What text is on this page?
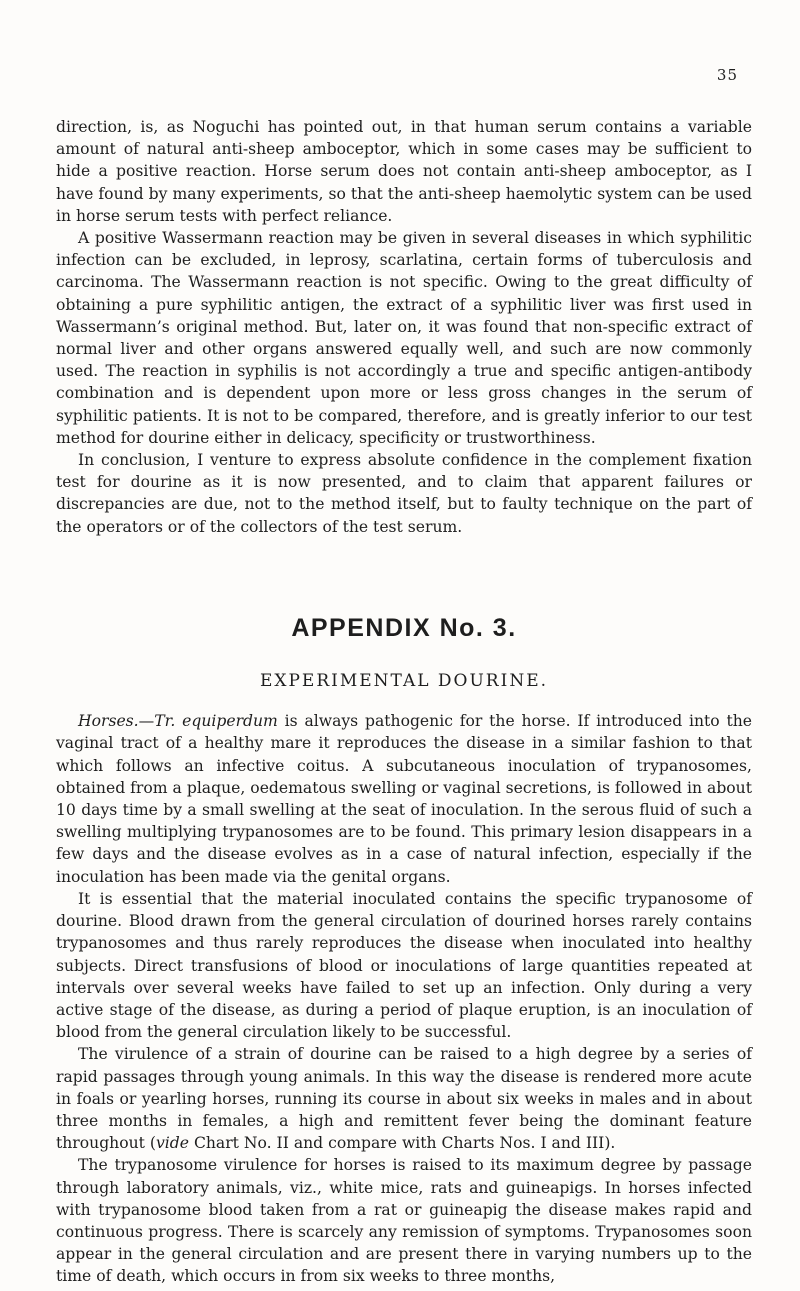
35

direction, is, as Noguchi has pointed out, in that human serum contains a variable amount of natural anti-sheep amboceptor, which in some cases may be sufficient to hide a positive reaction. Horse serum does not contain anti-sheep amboceptor, as I have found by many experiments, so that the anti-sheep haemolytic system can be used in horse serum tests with perfect reliance.

A positive Wassermann reaction may be given in several diseases in which syphilitic infection can be excluded, in leprosy, scarlatina, certain forms of tuberculosis and carcinoma. The Wassermann reaction is not specific. Owing to the great difficulty of obtaining a pure syphilitic antigen, the extract of a syphilitic liver was first used in Wassermann’s original method. But, later on, it was found that non-specific extract of normal liver and other organs answered equally well, and such are now commonly used. The reaction in syphilis is not accordingly a true and specific antigen-antibody combination and is dependent upon more or less gross changes in the serum of syphilitic patients. It is not to be compared, therefore, and is greatly inferior to our test method for dourine either in delicacy, specificity or trustworthiness.

In conclusion, I venture to express absolute confidence in the complement fixation test for dourine as it is now presented, and to claim that apparent failures or discrepancies are due, not to the method itself, but to faulty technique on the part of the operators or of the collectors of the test serum.

APPENDIX No. 3.
EXPERIMENTAL DOURINE.

Horses.—Tr. equiperdum is always pathogenic for the horse. If introduced into the vaginal tract of a healthy mare it reproduces the disease in a similar fashion to that which follows an infective coitus. A subcutaneous inoculation of trypanosomes, obtained from a plaque, oedematous swelling or vaginal secretions, is followed in about 10 days time by a small swelling at the seat of inoculation. In the serous fluid of such a swelling multiplying trypanosomes are to be found. This primary lesion disappears in a few days and the disease evolves as in a case of natural infection, especially if the inoculation has been made via the genital organs.

It is essential that the material inoculated contains the specific trypanosome of dourine. Blood drawn from the general circulation of dourined horses rarely contains trypanosomes and thus rarely reproduces the disease when inoculated into healthy subjects. Direct transfusions of blood or inoculations of large quantities repeated at intervals over several weeks have failed to set up an infection. Only during a very active stage of the disease, as during a period of plaque eruption, is an inoculation of blood from the general circulation likely to be successful.

The virulence of a strain of dourine can be raised to a high degree by a series of rapid passages through young animals. In this way the disease is rendered more acute in foals or yearling horses, running its course in about six weeks in males and in about three months in females, a high and remittent fever being the dominant feature throughout (vide Chart No. II and compare with Charts Nos. I and III).

The trypanosome virulence for horses is raised to its maximum degree by passage through laboratory animals, viz., white mice, rats and guineapigs. In horses infected with trypanosome blood taken from a rat or guineapig the disease makes rapid and continuous progress. There is scarcely any remission of symptoms. Trypanosomes soon appear in the general circulation and are present there in varying numbers up to the time of death, which occurs in from six weeks to three months,
